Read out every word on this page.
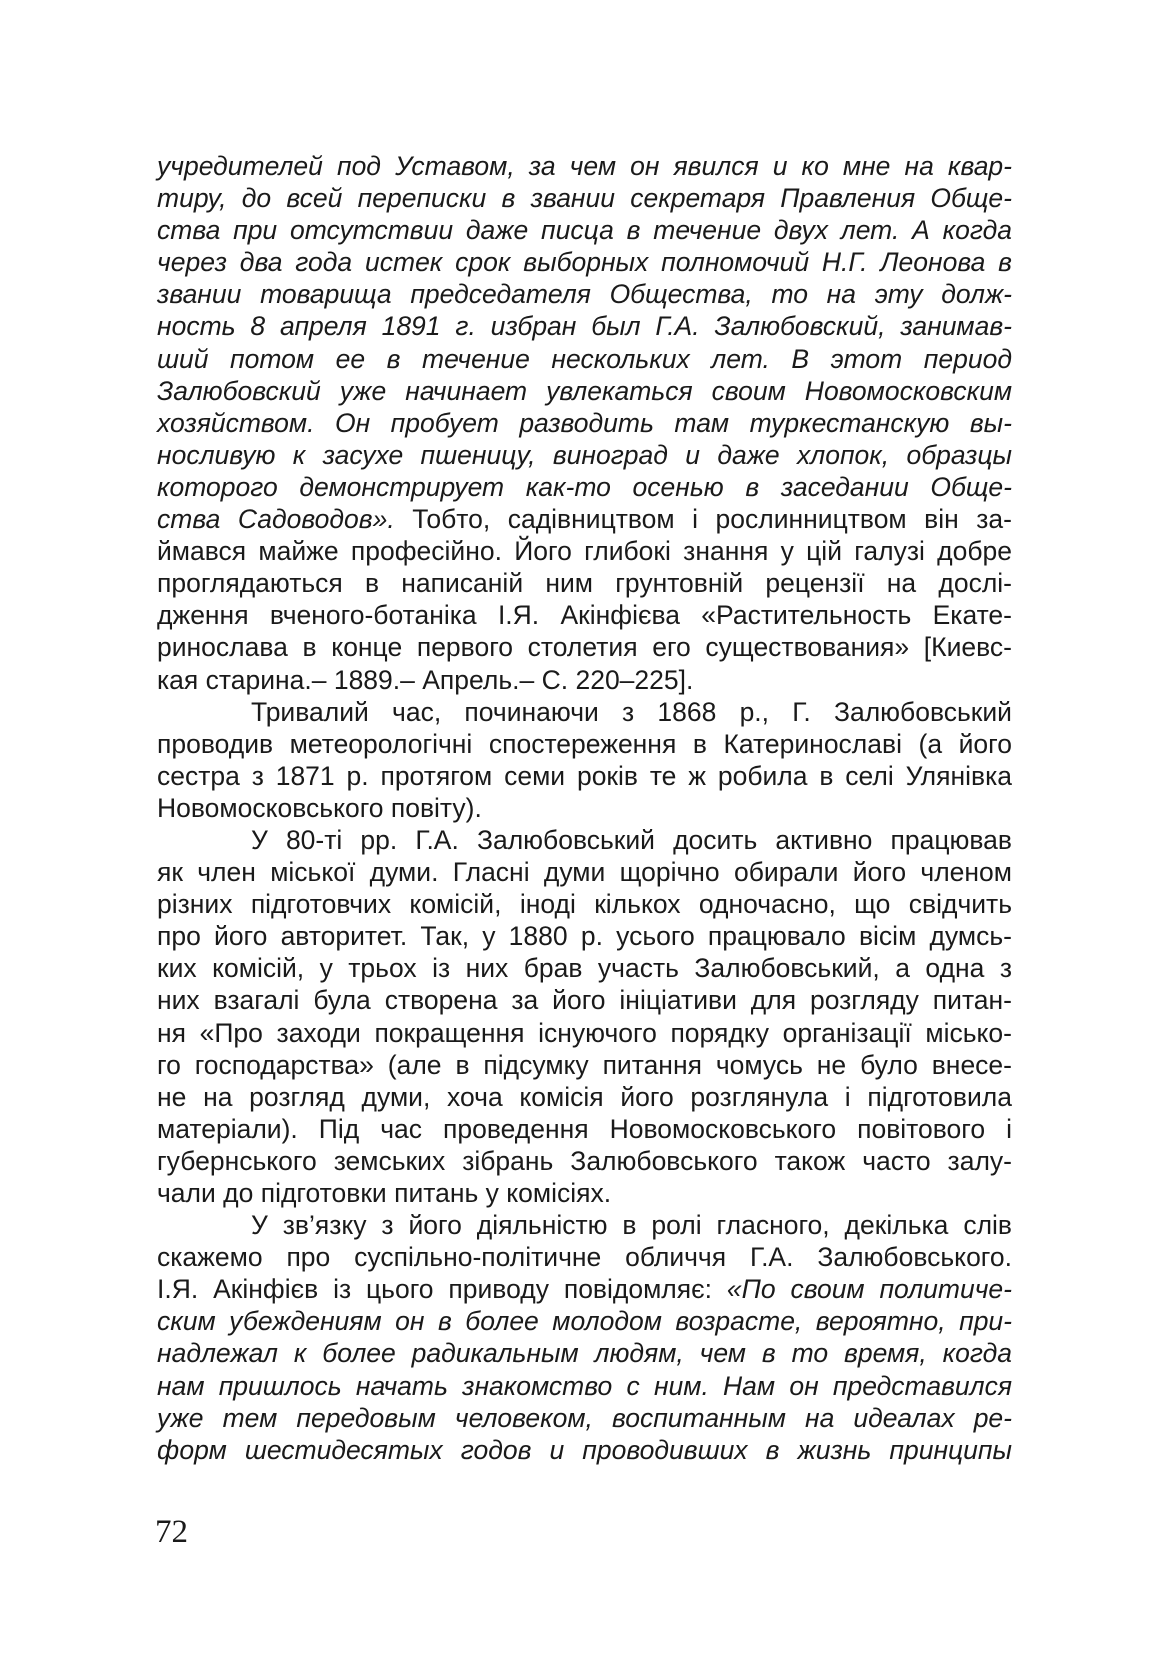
учредителей под Уставом, за чем он явился и ко мне на квар-
тиру, до всей переписки в звании секретаря Правления Обще-
ства при отсутствии даже писца в течение двух лет. А когда
через два года истек срок выборных полномочий Н.Г. Леонова в
звании товарища председателя Общества, то на эту долж-
ность 8 апреля 1891 г. избран был Г.А. Залюбовский, занимав-
ший потом ее в течение нескольких лет. В этот период
Залюбовский уже начинает увлекаться своим Новомосковским
хозяйством. Он пробует разводить там туркестанскую вы-
носливую к засухе пшеницу, виноград и даже хлопок, образцы
которого демонстрирует как-то осенью в заседании Обще-
ства Садоводов». Тобто, садівництвом і рослинництвом він за-
ймався майже професійно. Його глибокі знання у цій галузі добре
проглядаються в написаній ним грунтовній рецензії на дослі-
дження вченого-ботаніка І.Я. Акінфієва «Растительность Екате-
ринослава в конце первого столетия его существования» [Киевс-
кая старина.– 1889.– Апрель.– С. 220–225].
Тривалий час, починаючи з 1868 р., Г. Залюбовський
проводив метеорологічні спостереження в Катеринославі (а його
сестра з 1871 р. протягом семи років те ж робила в селі Улянівка
Новомосковського повіту).
У 80-ті рр. Г.А. Залюбовський досить активно працював
як член міської думи. Гласні думи щорічно обирали його членом
різних підготовчих комісій, іноді кількох одночасно, що свідчить
про його авторитет. Так, у 1880 р. усього працювало вісім думсь-
ких комісій, у трьох із них брав участь Залюбовський, а одна з
них взагалі була створена за його ініціативи для розгляду питан-
ня «Про заходи покращення існуючого порядку організації місько-
го господарства» (але в підсумку питання чомусь не було внесе-
не на розгляд думи, хоча комісія його розглянула і підготовила
матеріали). Під час проведення Новомосковського повітового і
губернського земських зібрань Залюбовського також часто залу-
чали до підготовки питань у комісіях.
У зв’язку з його діяльністю в ролі гласного, декілька слів
скажемо про суспільно-політичне обличчя Г.А. Залюбовського.
І.Я. Акінфієв із цього приводу повідомляє: «По своим политиче-
ским убеждениям он в более молодом возрасте, вероятно, при-
надлежал к более радикальным людям, чем в то время, когда
нам пришлось начать знакомство с ним. Нам он представился
уже тем передовым человеком, воспитанным на идеалах ре-
форм шестидесятых годов и проводивших в жизнь принципы
72
